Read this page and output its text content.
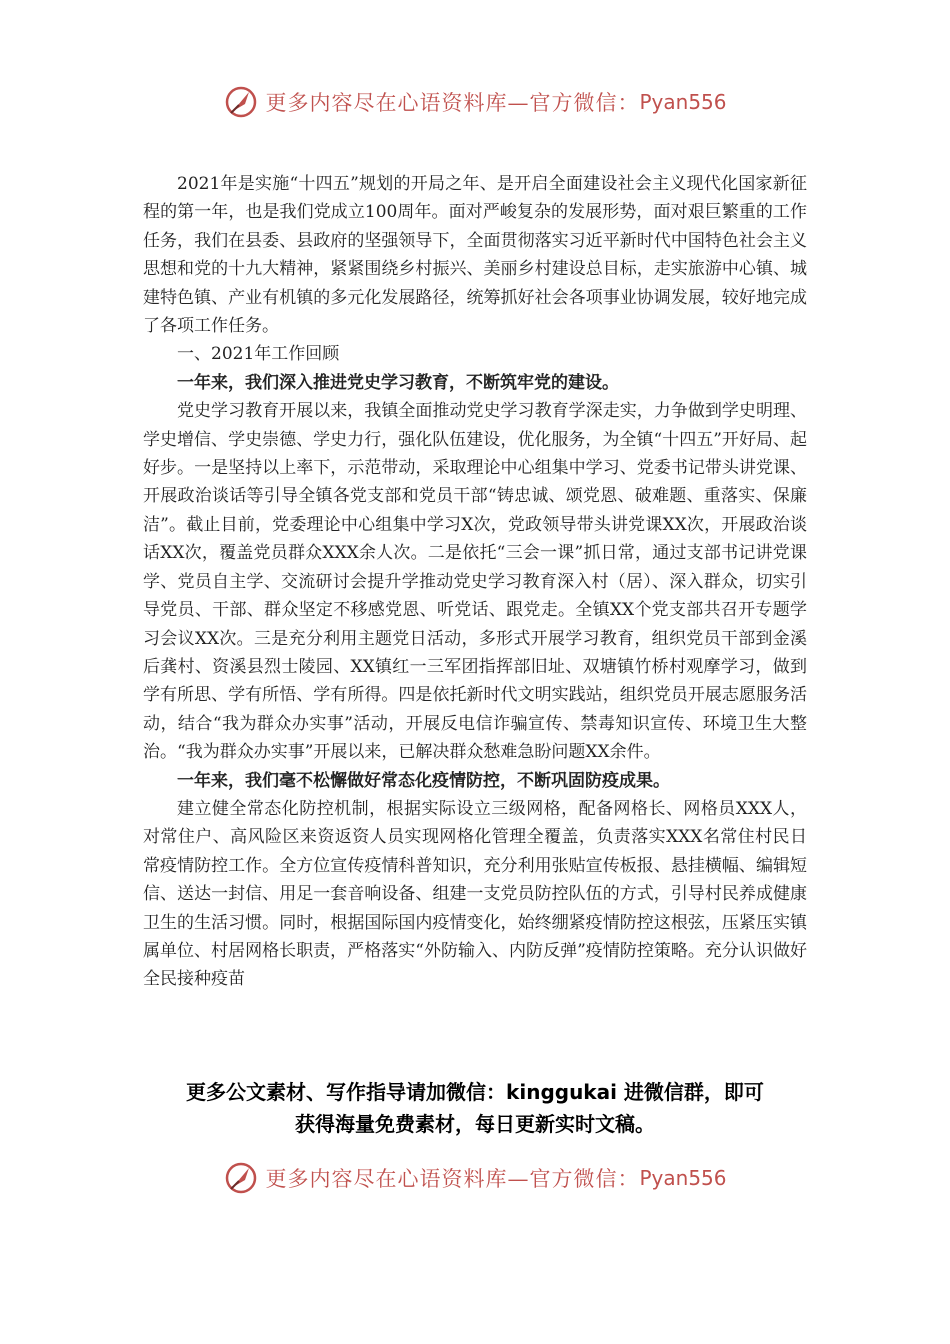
更多内容尽在心语资料库—官方微信： Pyan556

2021年是实施“十四五”规划的开局之年、是开启全面建设社会主义现代化国家新征程的第一年，也是我们党成立100周年。面对严峻复杂的发展形势，面对艰巨繁重的工作任务，我们在县委、县政府的坚强领导下，全面贯彻落实习近平新时代中国特色社会主义思想和党的十九大精神，紧紧围绕乡村振兴、美丽乡村建设总目标，走实旅游中心镇、城建特色镇、产业有机镇的多元化发展路径，统筹抓好社会各项事业协调发展，较好地完成了各项工作任务。

一、2021年工作回顾

一年来，我们深入推进党史学习教育，不断筑牢党的建设。

党史学习教育开展以来，我镇全面推动党史学习教育学深走实，力争做到学史明理、学史增信、学史崇德、学史力行，强化队伍建设，优化服务，为全镇“十四五”开好局、起好步。一是坚持以上率下，示范带动，采取理论中心组集中学习、党委书记带头讲党课、开展政治谈话等引导全镇各党支部和党员干部“铸忠诚、颂党恩、破难题、重落实、保廉洁”。截止目前，党委理论中心组集中学习X次，党政领导带头讲党课XX次，开展政治谈话XX次，覆盖党员群众XXX余人次。二是依托“三会一课”抓日常，通过支部书记讲党课学、党员自主学、交流研讨会提升学推动党史学习教育深入村（居）、深入群众，切实引导党员、干部、群众坚定不移感党恩、听党话、跟党走。全镇XX个党支部共召开专题学习会议XX次。三是充分利用主题党日活动，多形式开展学习教育，组织党员干部到金溪后龚村、资溪县烈士陵园、XX镇红一三军团指挥部旧址、双塘镇竹桥村观摩学习，做到学有所思、学有所悟、学有所得。四是依托新时代文明实践站，组织党员开展志愿服务活动，结合“我为群众办实事”活动，开展反电信诈骗宣传、禁毒知识宣传、环境卫生大整治。“我为群众办实事”开展以来，已解决群众愁难急盼问题XX余件。

一年来，我们毫不松懈做好常态化疫情防控，不断巩固防疫成果。

建立健全常态化防控机制，根据实际设立三级网格，配备网格长、网格员XXX人，对常住户、高风险区来资返资人员实现网格化管理全覆盖，负责落实XXX名常住村民日常疫情防控工作。全方位宣传疫情科普知识，充分利用张贴宣传板报、悬挂横幅、编辑短信、送达一封信、用足一套音响设备、组建一支党员防控队伍的方式，引导村民养成健康卫生的生活习惯。同时，根据国际国内疫情变化，始终绷紧疫情防控这根弦，压紧压实镇属单位、村居网格长职责，严格落实“外防输入、内防反弹”疫情防控策略。充分认识做好全民接种疫苗

更多公文素材、写作指导请加微信：kinggukai 进微信群，即可
获得海量免费素材，每日更新实时文稿。
更多内容尽在心语资料库—官方微信： Pyan556
